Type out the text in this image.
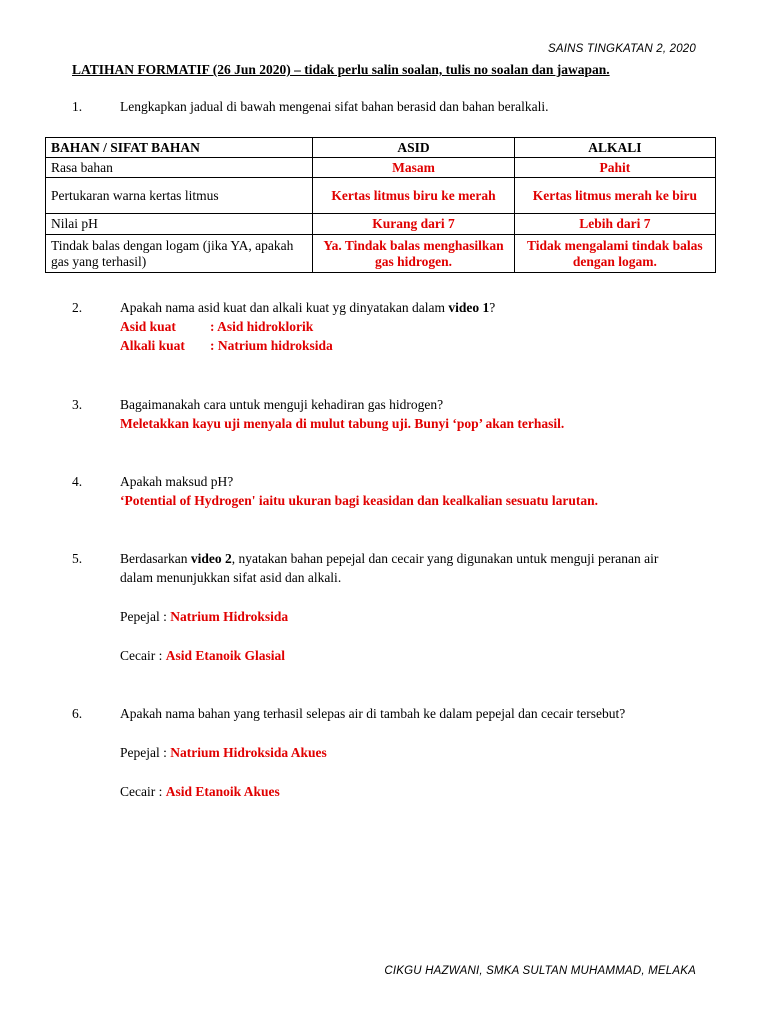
SAINS TINGKATAN 2, 2020
LATIHAN FORMATIF (26 Jun 2020) – tidak perlu salin soalan, tulis no soalan dan jawapan.
1.	Lengkapkan jadual di bawah mengenai sifat bahan berasid dan bahan beralkali.
BAHAN / SIFAT BAHAN	ASID	ALKALI
Rasa bahan	Masam	Pahit
Pertukaran warna kertas litmus	Kertas litmus biru ke merah	Kertas litmus merah ke biru
Nilai pH	Kurang dari 7	Lebih dari 7
Tindak balas dengan logam (jika YA, apakah gas yang terhasil)	Ya. Tindak balas menghasilkan gas hidrogen.	Tidak mengalami tindak balas dengan logam.
2.	Apakah nama asid kuat dan alkali kuat yg dinyatakan dalam video 1?
Asid kuat	: Asid hidroklorik
Alkali kuat	: Natrium hidroksida
3.	Bagaimanakah cara untuk menguji kehadiran gas hidrogen?
Meletakkan kayu uji menyala di mulut tabung uji. Bunyi ‘pop’ akan terhasil.
4.	Apakah maksud pH?
‘Potential of Hydrogen' iaitu ukuran bagi keasidan dan kealkalian sesuatu larutan.
5.	Berdasarkan video 2, nyatakan bahan pepejal dan cecair yang digunakan untuk menguji peranan air dalam menunjukkan sifat asid dan alkali.
Pepejal : Natrium Hidroksida
Cecair : Asid Etanoik Glasial
6.	Apakah nama bahan yang terhasil selepas air di tambah ke dalam pepejal dan cecair tersebut?
Pepejal : Natrium Hidroksida Akues
Cecair : Asid Etanoik Akues
CIKGU HAZWANI, SMKA SULTAN MUHAMMAD, MELAKA
